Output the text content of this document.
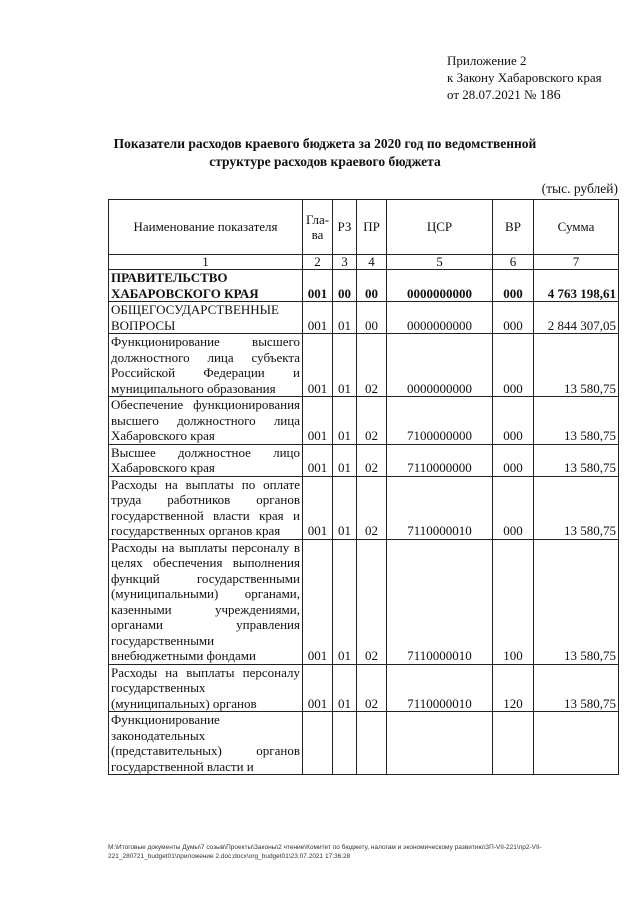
Приложение 2
к Закону Хабаровского края
от 28.07.2021 № 186
Показатели расходов краевого бюджета за 2020 год по ведомственной
структуре расходов краевого бюджета
(тыс. рублей)
Наименование показателя	Гла-ва	РЗ	ПР	ЦСР	ВР	Сумма
1	2	3	4	5	6	7
ПРАВИТЕЛЬСТВО ХАБАРОВСКОГО КРАЯ	001	00	00	0000000000	000	4 763 198,61
ОБЩЕГОСУДАРСТВЕННЫЕ ВОПРОСЫ	001	01	00	0000000000	000	2 844 307,05
Функционирование высшего должностного лица субъекта Российской Федерации и муниципального образования	001	01	02	0000000000	000	13 580,75
Обеспечение функционирования высшего должностного лица Хабаровского края	001	01	02	7100000000	000	13 580,75
Высшее должностное лицо Хабаровского края	001	01	02	7110000000	000	13 580,75
Расходы на выплаты по оплате труда работников органов государственной власти края и государственных органов края	001	01	02	7110000010	000	13 580,75
Расходы на выплаты персоналу в целях обеспечения выполнения функций государственными (муниципальными) органами, казенными учреждениями, органами управления государственными внебюджетными фондами	001	01	02	7110000010	100	13 580,75
Расходы на выплаты персоналу государственных (муниципальных) органов	001	01	02	7110000010	120	13 580,75
Функционирование законодательных (представительных) органов государственной власти и						
М:\Итоговые документы Думы\7 созыв\Проекты\Законы\2 чтение\Комитет по бюджету, налогам и экономическому развитию\ЗП-VII-221\пр2-VII-221_280721_budget01\приложение 2.doc;docx\org_budget01\23.07.2021 17:36:28
